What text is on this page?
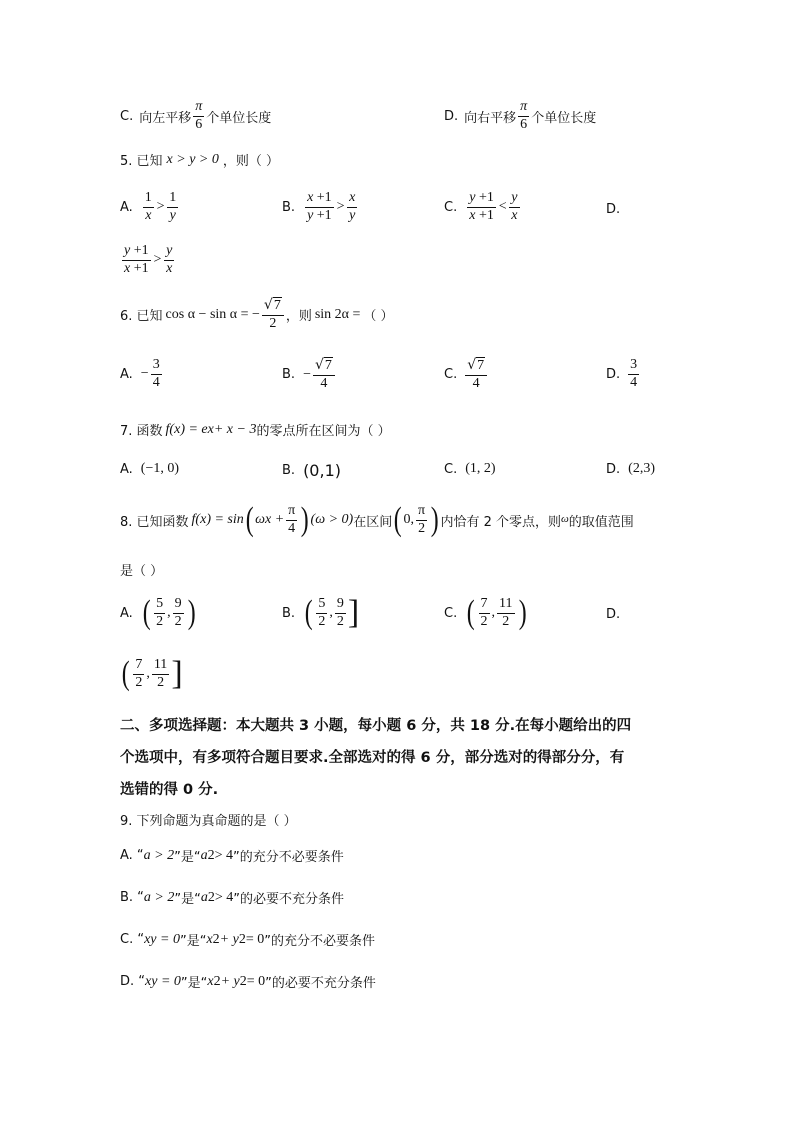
C. 向左平移 $\frac{\pi}{6}$ 个单位长度	D. 向右平移 $\frac{\pi}{6}$ 个单位长度
5. 已知 x > y > 0 ，则（ ）
A. $\frac{1}{x} > \frac{1}{y}$	B. $\frac{x +1}{y +1} > \frac{x}{y}$	C. $\frac{y +1}{x +1} < \frac{y}{x}$	D.
$\frac{y +1}{x +1} > \frac{y}{x}$
6. 已知 cos α − sin α = − $\frac{√7}{2}$ ，则 sin 2α = （ ）
A. − $\frac{3}{4}$	B. − $\frac{√7}{4}$	C. $\frac{√7}{4}$	D. $\frac{3}{4}$
7. 函数 f(x) = e x + x − 3 的零点所在区间为（ ）
A. (−1, 0)	B. (0,1)	C. (1, 2)	D. (2,3)
8. 已知函数 f(x) = sin ( $\omega x + \frac{\pi}{4}$ ) (ω > 0) 在区间 ( 0, $\frac{\pi}{2}$ ) 内恰有 2 个零点，则 ω 的取值范围
是（ ）
A. ( $\frac{5}{2}$ , $\frac{9}{2}$ )	B. ( $\frac{5}{2}$ , $\frac{9}{2}$ ]	C. ( $\frac{7}{2}$ , $\frac{11}{2}$ )	D.
( $\frac{7}{2}$ , $\frac{11}{2}$ ]
二、多项选择题：本大题共 3 小题，每小题 6 分，共 18 分.在每小题给出的四
个选项中，有多项符合题目要求.全部选对的得 6 分，部分选对的得部分分，有
选错的得 0 分.
9. 下列命题为真命题的是（ ）
A. “ a > 2 ”是“ a 2 > 4 ”的充分不必要条件
B. “ a > 2 ”是“ a 2 > 4 ”的必要不充分条件
C. “ xy = 0 ”是“ x 2 + y 2 = 0 ”的充分不必要条件
D. “ xy = 0 ”是“ x 2 + y 2 = 0 ”的必要不充分条件
